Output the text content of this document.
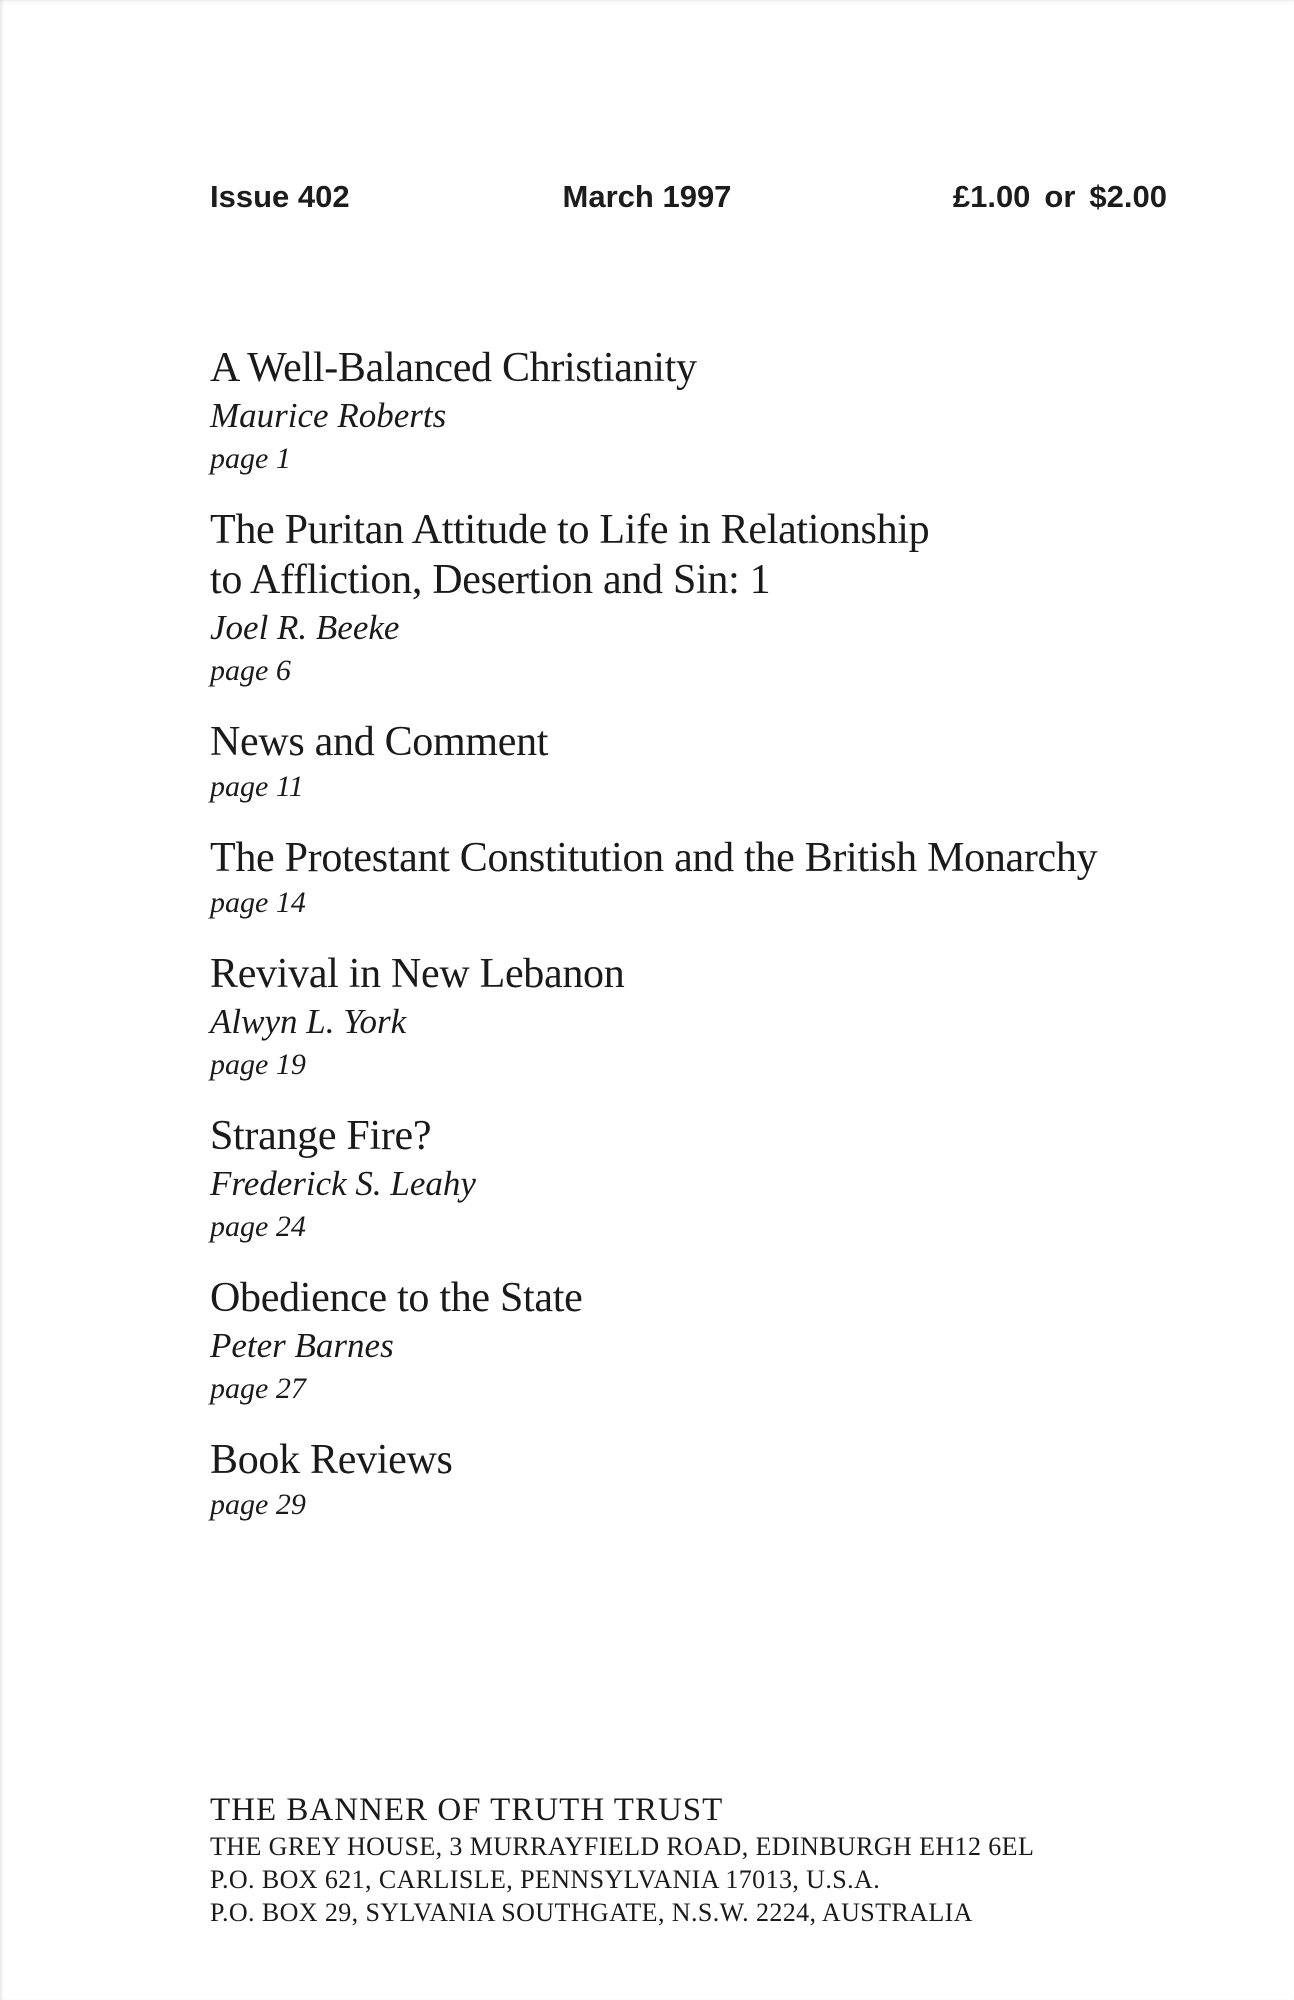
Issue 402	March 1997	£1.00 or $2.00
A Well-Balanced Christianity

Maurice Roberts

page 1

The Puritan Attitude to Life in Relationship
to Affliction, Desertion and Sin: 1

Joel R. Beeke

page 6

News and Comment

page 11

The Protestant Constitution and the British Monarchy

page 14

Revival in New Lebanon

Alwyn L. York

page 19

Strange Fire?

Frederick S. Leahy

page 24

Obedience to the State

Peter Barnes

page 27

Book Reviews

page 29

THE BANNER OF TRUTH TRUST

THE GREY HOUSE, 3 MURRAYFIELD ROAD, EDINBURGH EH12 6EL

P.O. BOX 621, CARLISLE, PENNSYLVANIA 17013, U.S.A.

P.O. BOX 29, SYLVANIA SOUTHGATE, N.S.W. 2224, AUSTRALIA
